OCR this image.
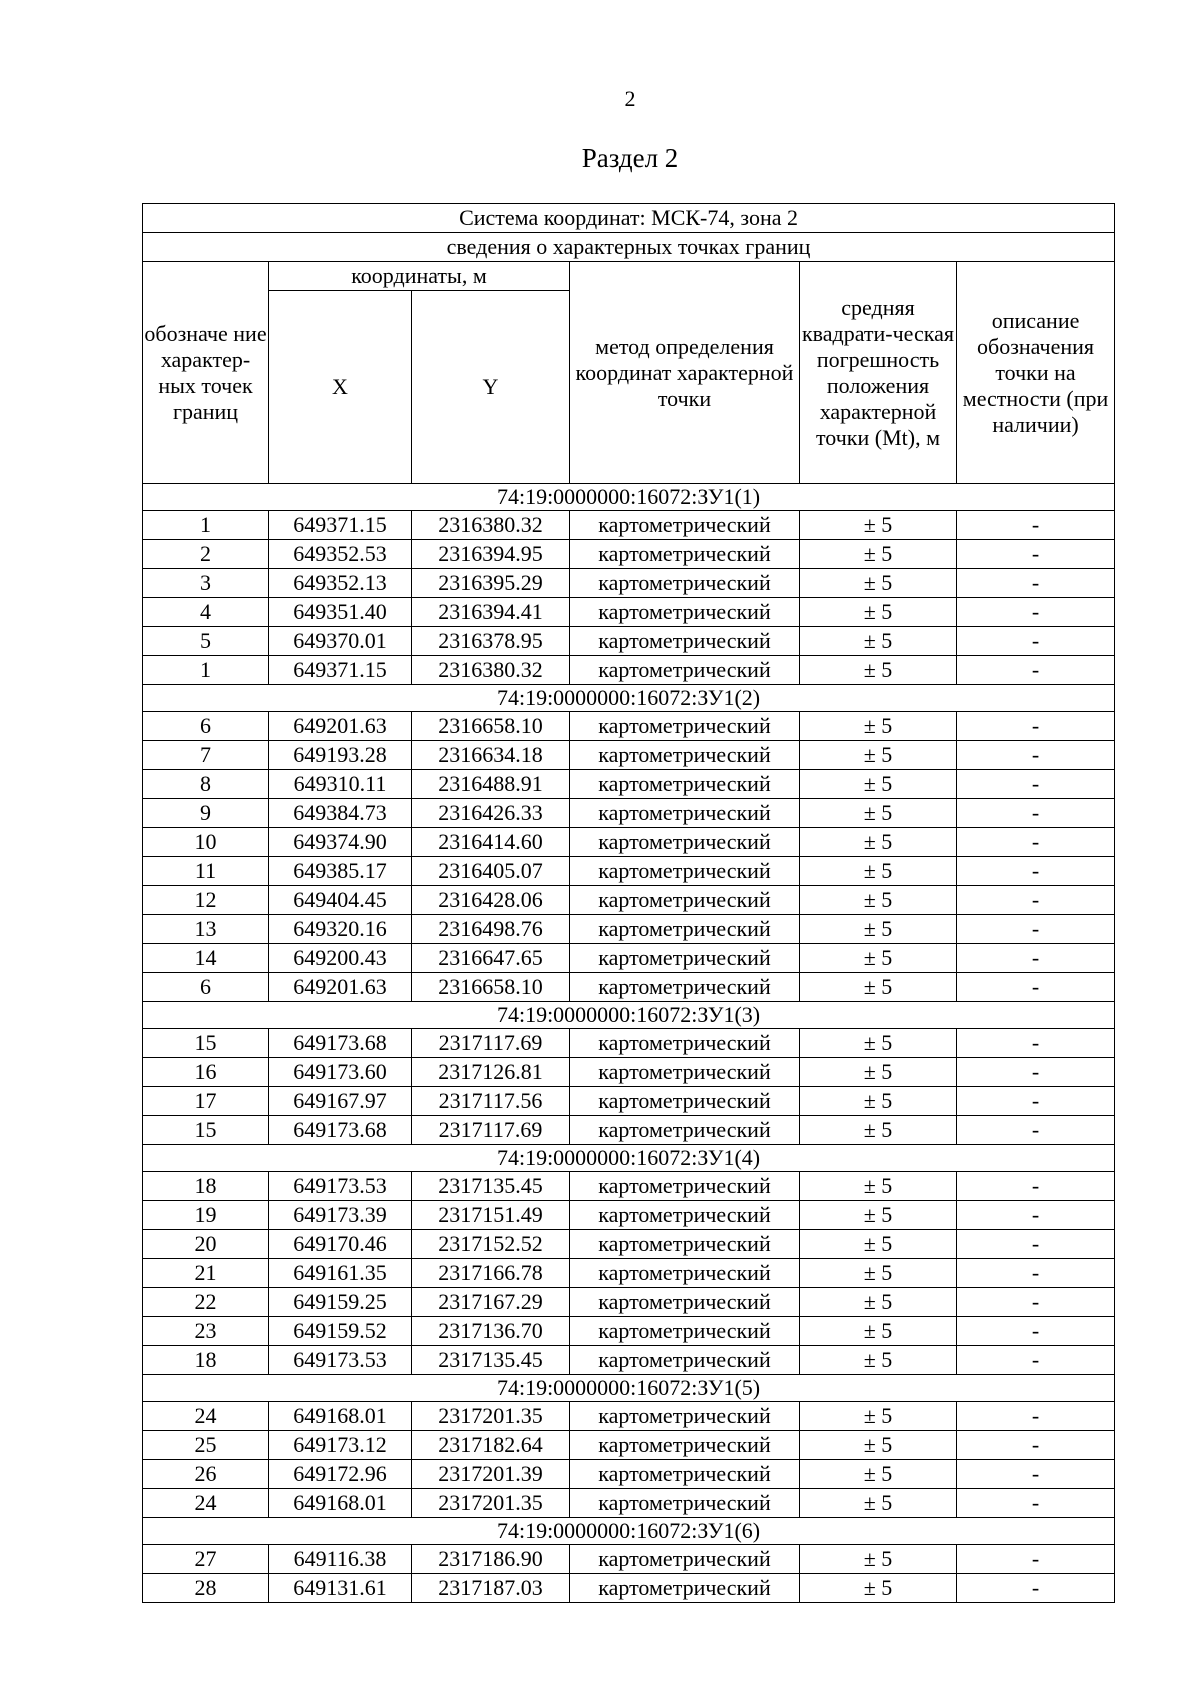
2
Раздел 2
Система координат: МСК-74, зона 2					
сведения о характерных точках границ					
обозначе ние характер-ных точек границ	координаты, м		метод определения координат характерной точки	средняя квадрати-ческая погрешность положения характерной точки (Mt), м	описание обозначения точки на местности (при наличии)
	X	Y			
74:19:0000000:16072:ЗУ1(1)					
1	649371.15	2316380.32	картометрический	± 5	-
2	649352.53	2316394.95	картометрический	± 5	-
3	649352.13	2316395.29	картометрический	± 5	-
4	649351.40	2316394.41	картометрический	± 5	-
5	649370.01	2316378.95	картометрический	± 5	-
1	649371.15	2316380.32	картометрический	± 5	-
74:19:0000000:16072:ЗУ1(2)					
6	649201.63	2316658.10	картометрический	± 5	-
7	649193.28	2316634.18	картометрический	± 5	-
8	649310.11	2316488.91	картометрический	± 5	-
9	649384.73	2316426.33	картометрический	± 5	-
10	649374.90	2316414.60	картометрический	± 5	-
11	649385.17	2316405.07	картометрический	± 5	-
12	649404.45	2316428.06	картометрический	± 5	-
13	649320.16	2316498.76	картометрический	± 5	-
14	649200.43	2316647.65	картометрический	± 5	-
6	649201.63	2316658.10	картометрический	± 5	-
74:19:0000000:16072:ЗУ1(3)					
15	649173.68	2317117.69	картометрический	± 5	-
16	649173.60	2317126.81	картометрический	± 5	-
17	649167.97	2317117.56	картометрический	± 5	-
15	649173.68	2317117.69	картометрический	± 5	-
74:19:0000000:16072:ЗУ1(4)					
18	649173.53	2317135.45	картометрический	± 5	-
19	649173.39	2317151.49	картометрический	± 5	-
20	649170.46	2317152.52	картометрический	± 5	-
21	649161.35	2317166.78	картометрический	± 5	-
22	649159.25	2317167.29	картометрический	± 5	-
23	649159.52	2317136.70	картометрический	± 5	-
18	649173.53	2317135.45	картометрический	± 5	-
74:19:0000000:16072:ЗУ1(5)					
24	649168.01	2317201.35	картометрический	± 5	-
25	649173.12	2317182.64	картометрический	± 5	-
26	649172.96	2317201.39	картометрический	± 5	-
24	649168.01	2317201.35	картометрический	± 5	-
74:19:0000000:16072:ЗУ1(6)					
27	649116.38	2317186.90	картометрический	± 5	-
28	649131.61	2317187.03	картометрический	± 5	-
